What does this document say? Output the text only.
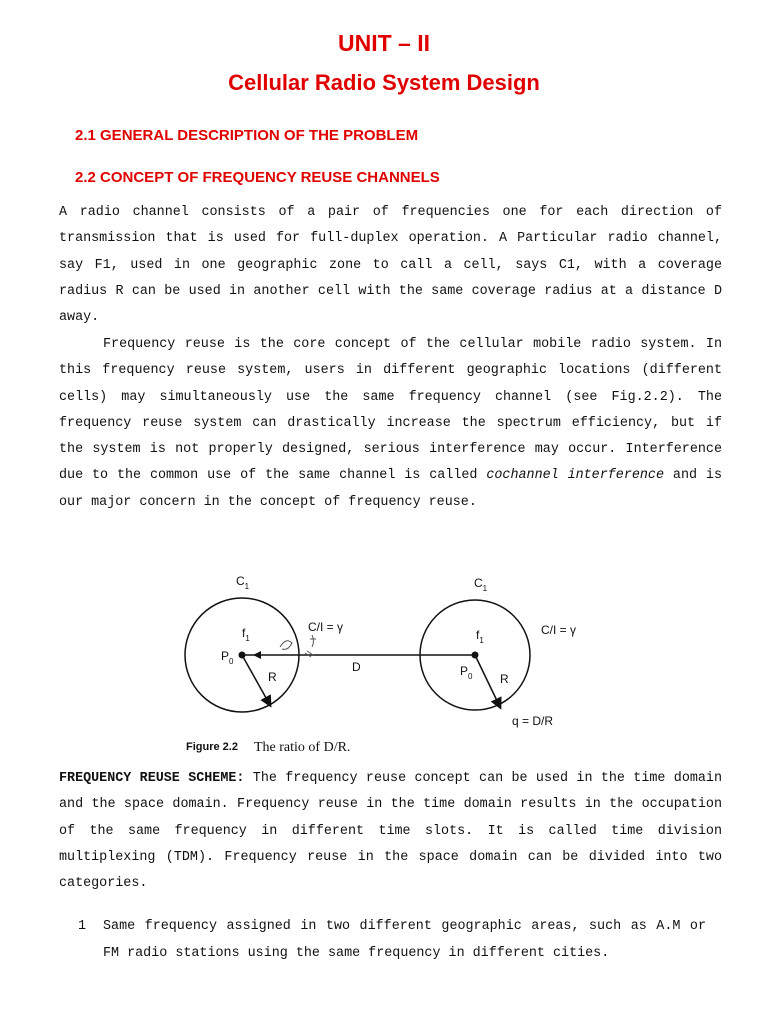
UNIT – II
Cellular Radio System Design
2.1 GENERAL DESCRIPTION OF THE PROBLEM
2.2 CONCEPT OF FREQUENCY REUSE CHANNELS

A radio channel consists of a pair of frequencies one for each direction of transmission that is used for full-duplex operation. A Particular radio channel, say F1, used in one geographic zone to call a cell, says C1, with a coverage radius R can be used in another cell with the same coverage radius at a distance D away.

Frequency reuse is the core concept of the cellular mobile radio system. In this frequency reuse system, users in different geographic locations (different cells) may simultaneously use the same frequency channel (see Fig.2.2). The frequency reuse system can drastically increase the spectrum efficiency, but if the system is not properly designed, serious interference may occur. Interference due to the common use of the same channel is called cochannel interference and is our major concern in the concept of frequency reuse.

$C_1$	$C_1$
$f_1$	$f_1$
$P_0$
$P_0$
R	R
D
C/I = γ	C/I = γ
q = D/R
Figure 2.2 The ratio of D/R.

FREQUENCY REUSE SCHEME: The frequency reuse concept can be used in the time domain and the space domain. Frequency reuse in the time domain results in the occupation of the same frequency in different time slots. It is called time division multiplexing (TDM). Frequency reuse in the space domain can be divided into two categories.

1 Same frequency assigned in two different geographic areas, such as A.M or FM radio stations using the same frequency in different cities.
